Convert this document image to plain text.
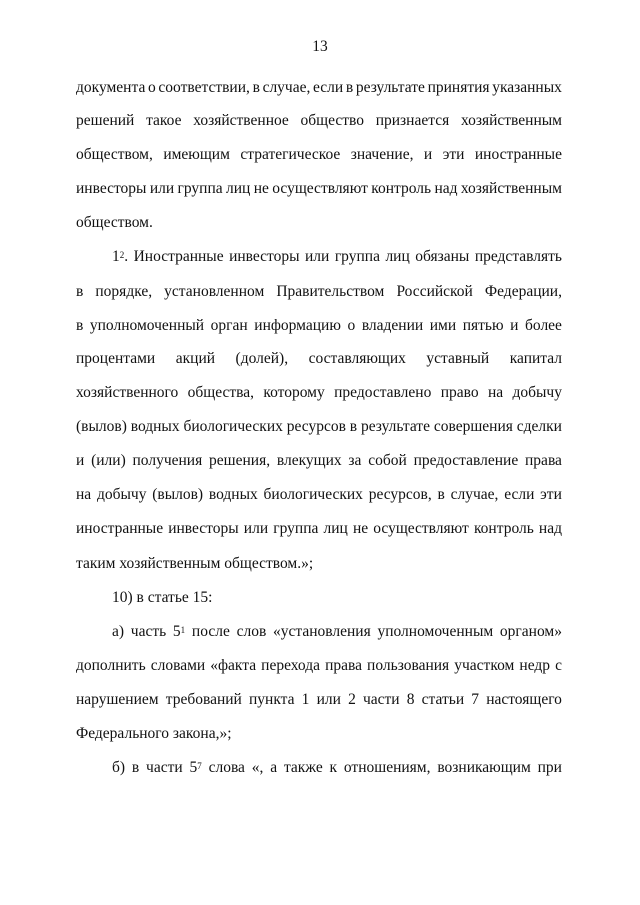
13
документа о соответствии, в случае, если в результате принятия указанных
решений такое хозяйственное общество признается хозяйственным
обществом, имеющим стратегическое значение, и эти иностранные
инвесторы или группа лиц не осуществляют контроль над хозяйственным
обществом.
$1^2$. Иностранные инвесторы или группа лиц обязаны представлять
в порядке, установленном Правительством Российской Федерации,
в уполномоченный орган информацию о владении ими пятью и более
процентами акций (долей), составляющих уставный капитал
хозяйственного общества, которому предоставлено право на добычу
(вылов) водных биологических ресурсов в результате совершения сделки
и (или) получения решения, влекущих за собой предоставление права
на добычу (вылов) водных биологических ресурсов, в случае, если эти
иностранные инвесторы или группа лиц не осуществляют контроль над
таким хозяйственным обществом.»;
10) в статье 15:
а) часть $5^1$ после слов «установления уполномоченным органом»
дополнить словами «факта перехода права пользования участком недр с
нарушением требований пункта 1 или 2 части 8 статьи 7 настоящего
Федерального закона,»;
б) в части $5^7$ слова «, а также к отношениям, возникающим при
